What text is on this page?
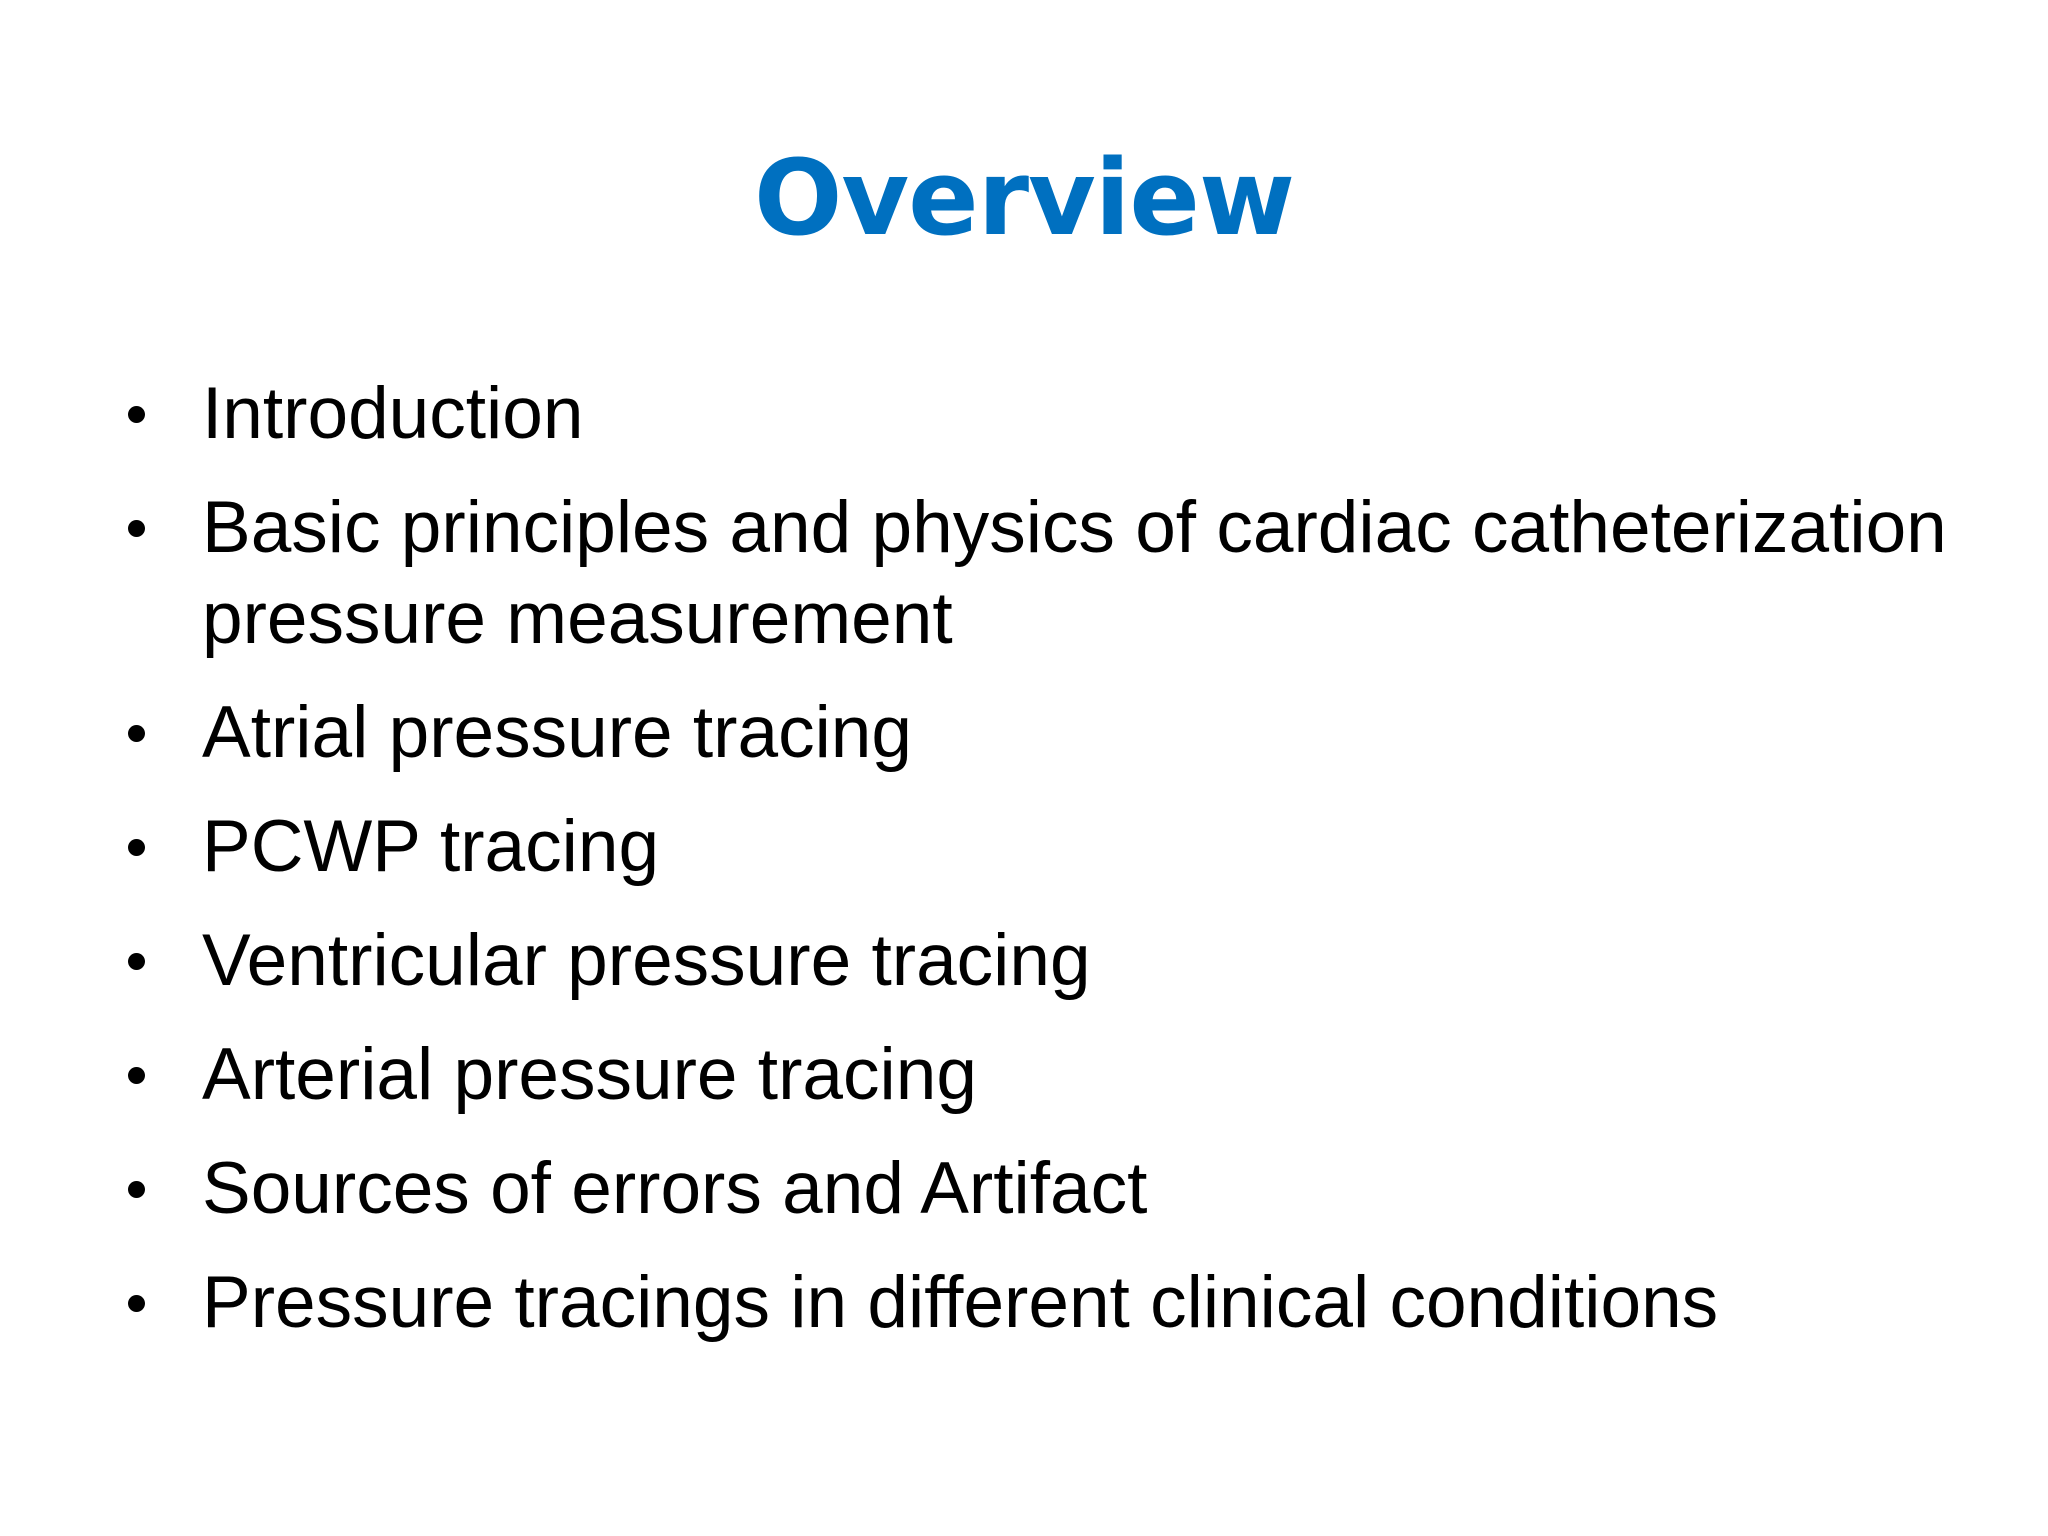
Overview
Introduction
Basic principles and physics of cardiac catheterization pressure measurement
Atrial pressure tracing
PCWP tracing
Ventricular pressure tracing
Arterial pressure tracing
Sources of errors and Artifact
Pressure tracings in different clinical conditions
